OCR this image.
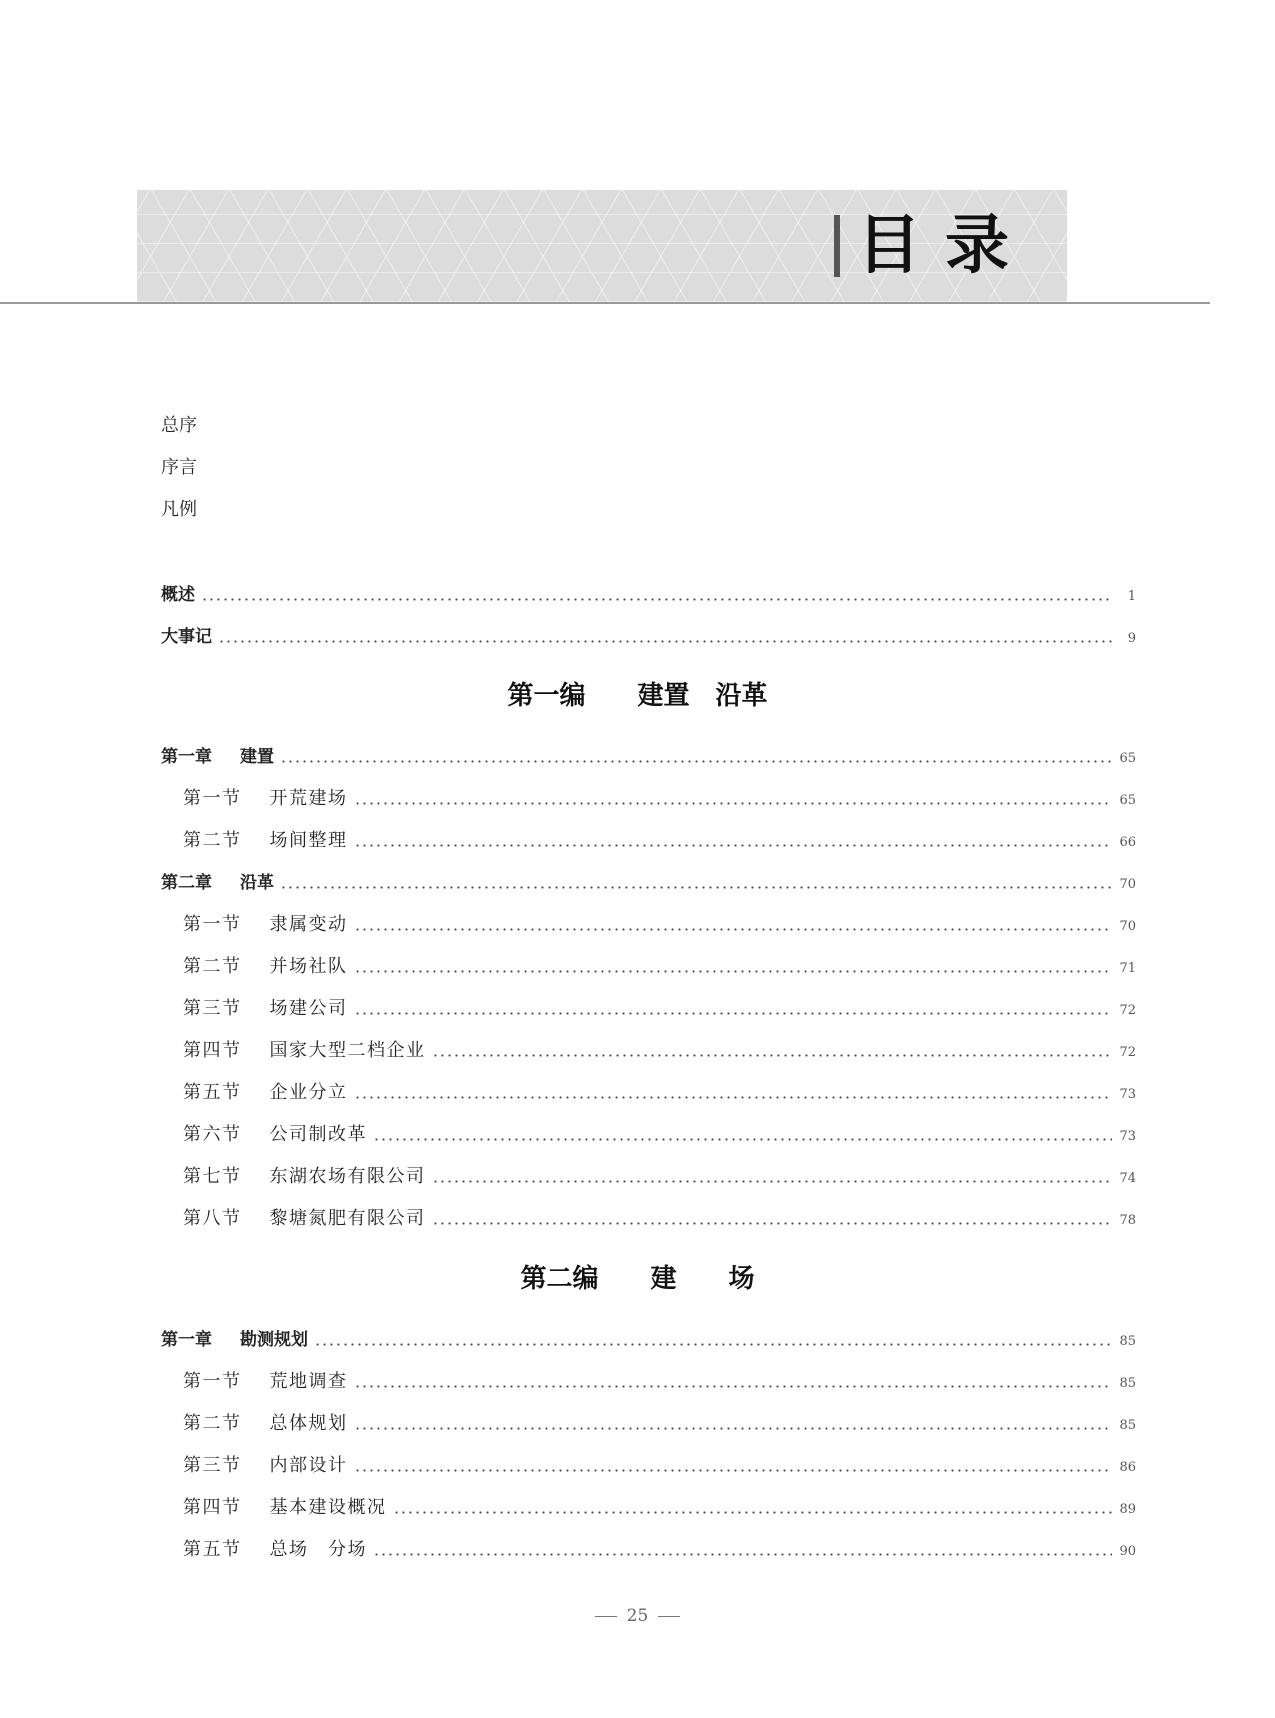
目录
总序
序言
凡例
概述	1
大事记	9
第一编　　 建置　沿革
第一章 建置	65
第一节 开荒建场	65
第二节 场间整理	66
第二章 沿革	70
第一节 隶属变动	70
第二节 并场社队	71
第三节 场建公司	72
第四节 国家大型二档企业	72
第五节 企业分立	73
第六节 公司制改革	73
第七节 东湖农场有限公司	74
第八节 黎塘氮肥有限公司	78
第二编　　 建　　场
第一章 勘测规划	85
第一节 荒地调查	85
第二节 总体规划	85
第三节 内部设计	86
第四节 基本建设概况	89
第五节 总场　分场	90
25
